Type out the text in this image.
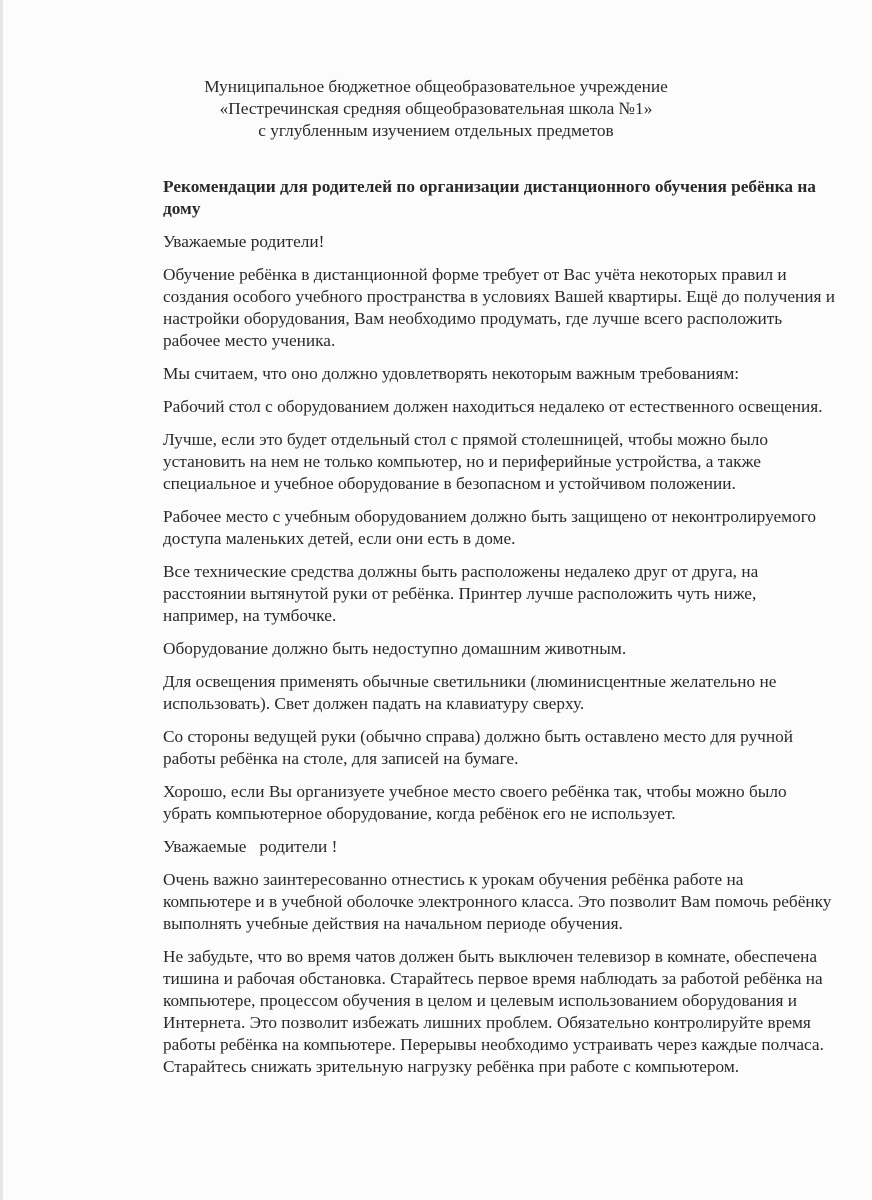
Муниципальное бюджетное общеобразовательное учреждение
«Пестречинская средняя общеобразовательная школа №1»
с углубленным изучением отдельных предметов
Рекомендации для родителей по организации дистанционного обучения ребёнка на
дому
Уважаемые родители!
Обучение ребёнка в дистанционной форме требует от Вас учёта некоторых правил и
создания особого учебного пространства в условиях Вашей квартиры. Ещё до получения и
настройки оборудования, Вам необходимо продумать, где лучше всего расположить
рабочее место ученика.
Мы считаем, что оно должно удовлетворять некоторым важным требованиям:
Рабочий стол с оборудованием должен находиться недалеко от естественного освещения.
Лучше, если это будет отдельный стол с прямой столешницей, чтобы можно было
установить на нем не только компьютер, но и периферийные устройства, а также
специальное и учебное оборудование в безопасном и устойчивом положении.
Рабочее место с учебным оборудованием должно быть защищено от неконтролируемого
доступа маленьких детей, если они есть в доме.
Все технические средства должны быть расположены недалеко друг от друга, на
расстоянии вытянутой руки от ребёнка. Принтер лучше расположить чуть ниже,
например, на тумбочке.
Оборудование должно быть недоступно домашним животным.
Для освещения применять обычные светильники (люминисцентные желательно не
использовать). Свет должен падать на клавиатуру сверху.
Со стороны ведущей руки (обычно справа) должно быть оставлено место для ручной
работы ребёнка на столе, для записей на бумаге.
Хорошо, если Вы организуете учебное место своего ребёнка так, чтобы можно было
убрать компьютерное оборудование, когда ребёнок его не использует.
Уважаемые   родители !
Очень важно заинтересованно отнестись к урокам обучения ребёнка работе на
компьютере и в учебной оболочке электронного класса. Это позволит Вам помочь ребёнку
выполнять учебные действия на начальном периоде обучения.
Не забудьте, что во время чатов должен быть выключен телевизор в комнате, обеспечена
тишина и рабочая обстановка. Старайтесь первое время наблюдать за работой ребёнка на
компьютере, процессом обучения в целом и целевым использованием оборудования и
Интернета. Это позволит избежать лишних проблем. Обязательно контролируйте время
работы ребёнка на компьютере. Перерывы необходимо устраивать через каждые полчаса.
Старайтесь снижать зрительную нагрузку ребёнка при работе с компьютером.
